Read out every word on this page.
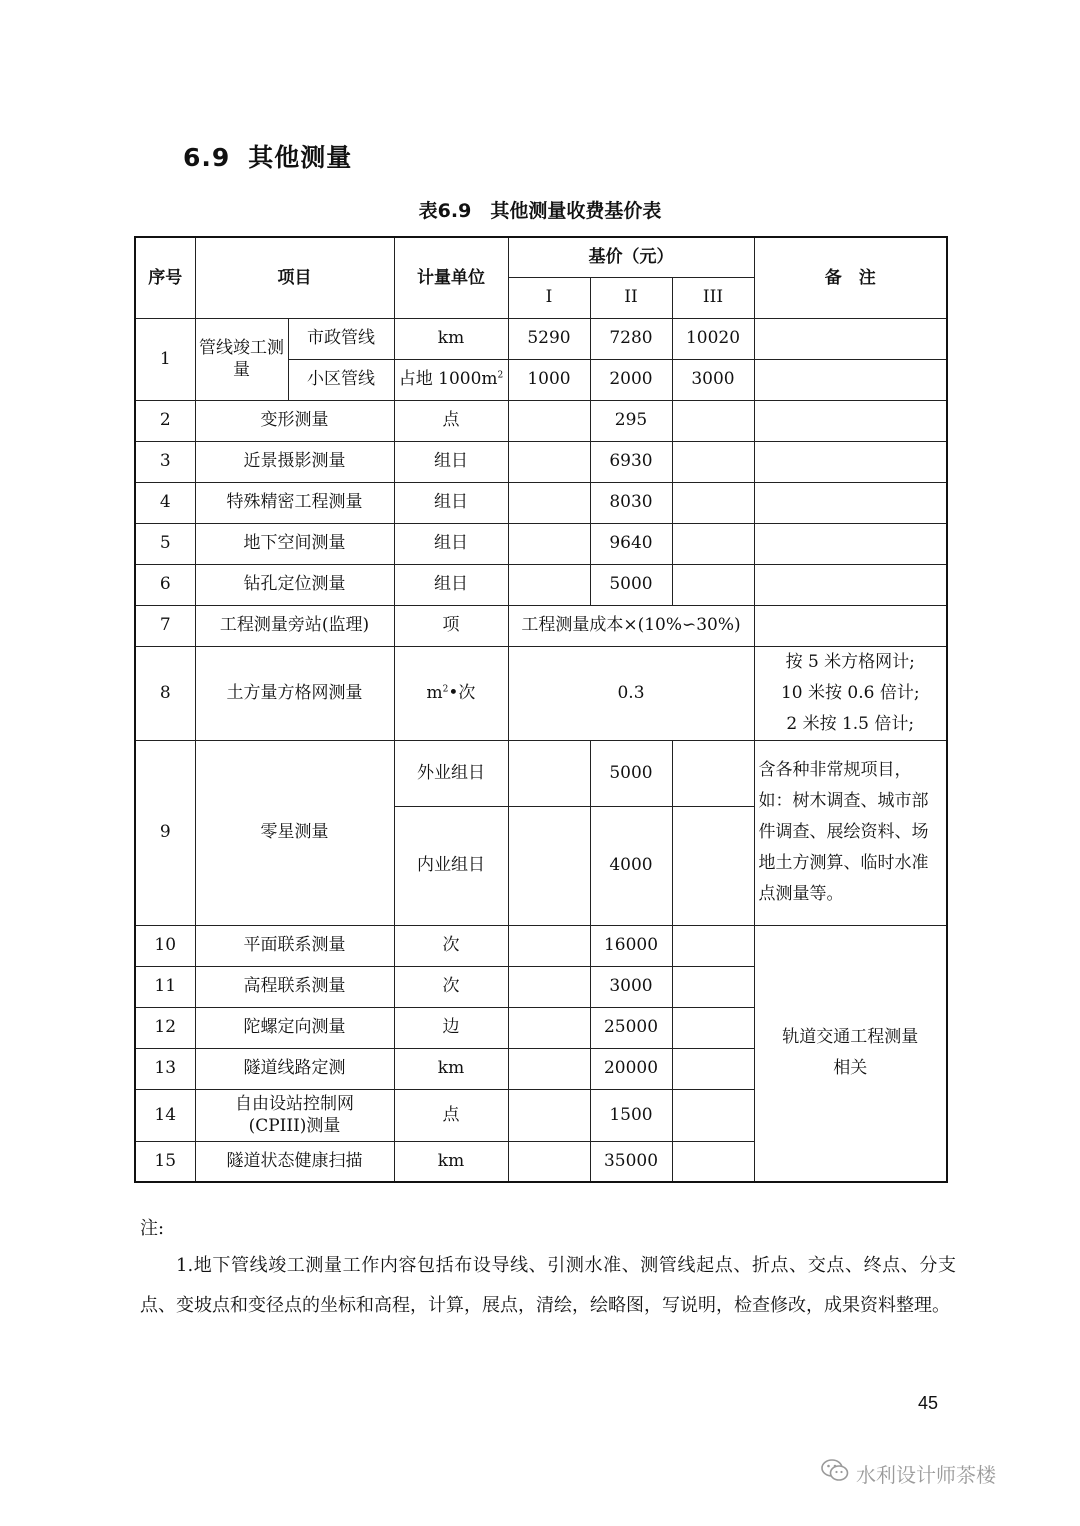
6.9 其他测量
表6.9　其他测量收费基价表
序号	项目		计量单位	基价（元）			备　注
				I	II	III	
1	管线竣工测量	市政管线	km	5290	7280	10020	
		小区管线	占地 $1000m^2$	1000	2000	3000	
2	变形测量		点		295		
3	近景摄影测量		组日		6930		
4	特殊精密工程测量		组日		8030		
5	地下空间测量		组日		9640		
6	钻孔定位测量		组日		5000		
7	工程测量旁站(监理)		项	工程测量成本×(10%∽30%)			
8	土方量方格网测量		$m^2•$次	0.3			按 5 米方格网计;
10 米按 0.6 倍计;
2 米按 1.5 倍计;

9	零星测量		外业组日		5000		含各种非常规项目，如：树木调查、城市部件调查、展绘资料、场地土方测算、临时水准点测量等。
			内业组日		4000		
10	平面联系测量		次		16000		轨道交通工程测量
相关

11	高程联系测量		次		3000		
12	陀螺定向测量		边		25000		
13	隧道线路定测		km		20000		
14	自由设站控制网
(CPIII)测量		点		1500		
15	隧道状态健康扫描		km		35000		
注:
1.地下管线竣工测量工作内容包括布设导线、引测水准、测管线起点、折点、交点、终点、分支点、变坡点和变径点的坐标和高程，计算，展点，清绘，绘略图，写说明，检查修改，成果资料整理。
45
水利设计师茶楼
